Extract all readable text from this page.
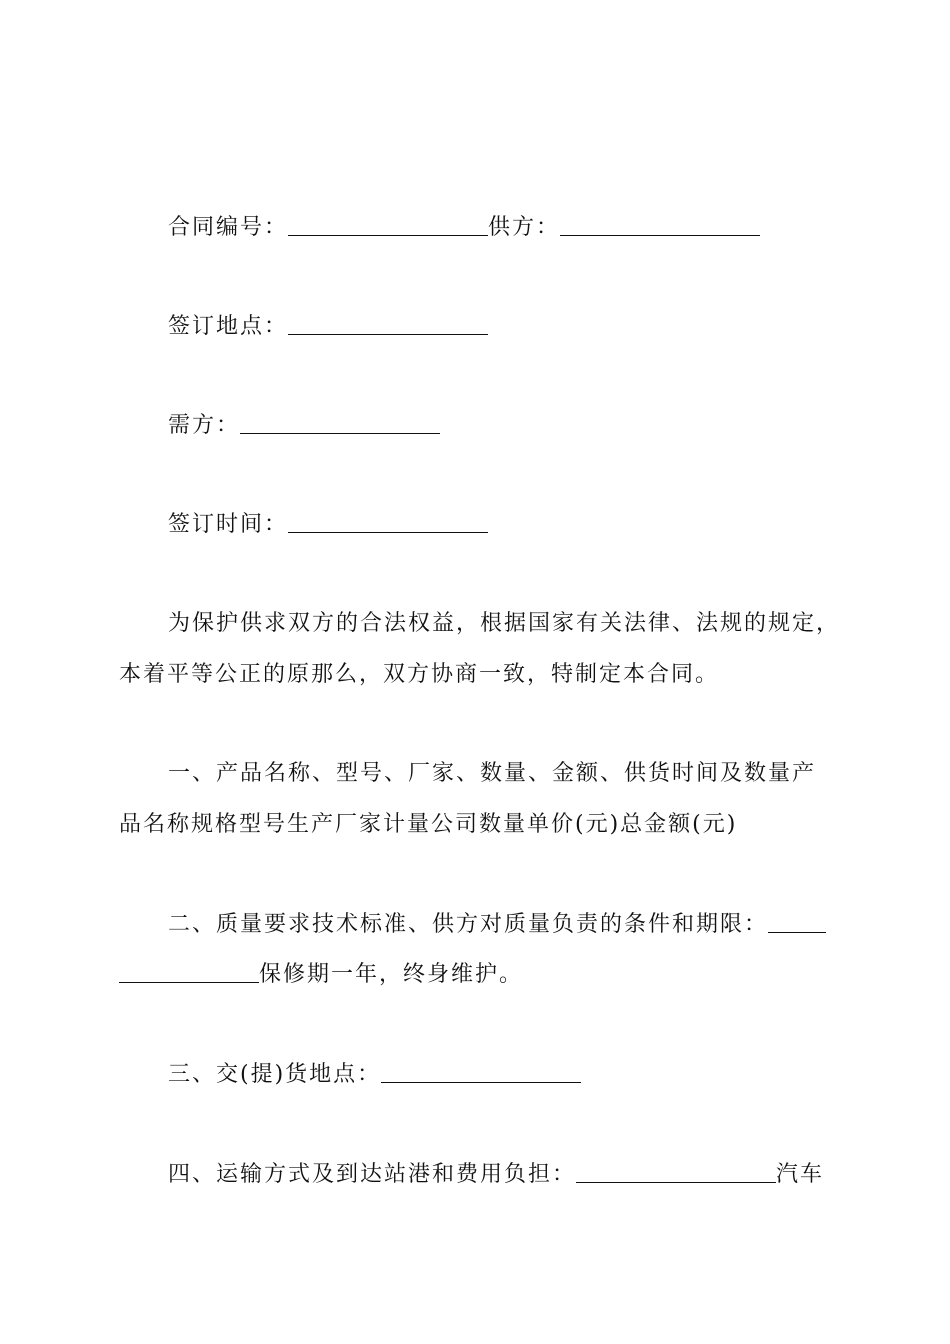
合同编号：	供方：
签订地点：
需方：
签订时间：
为保护供求双方的合法权益，根据国家有关法律、法规的规定，
本着平等公正的原那么，双方协商一致，特制定本合同。
一、产品名称、型号、厂家、数量、金额、供货时间及数量产
品名称规格型号生产厂家计量公司数量单价(元)总金额(元)
二、质量要求技术标准、供方对质量负责的条件和期限：
保修期一年，终身维护。
三、交(提)货地点：
四、运输方式及到达站港和费用负担：	汽车
